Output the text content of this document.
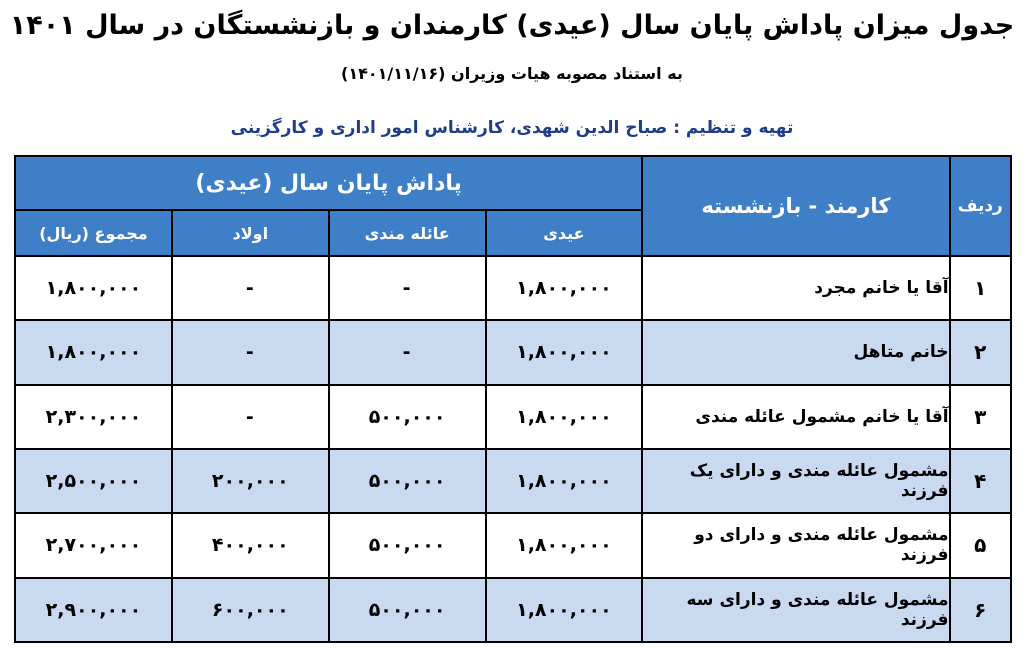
جدول میزان پاداش پایان سال (عیدی) کارمندان و بازنشستگان در سال ۱۴۰۱
به استناد مصوبه هیات وزیران (۱۴۰۱/۱۱/۱۶)
تهیه و تنظیم : صباح الدین شهدی، کارشناس امور اداری و کارگزینی
ردیف	کارمند - بازنشسته	پاداش پایان سال (عیدی)			
		عیدی	عائله مندی	اولاد	مجموع (ریال)
۱	آقا یا خانم مجرد	۱,۸۰۰,۰۰۰	-	-	۱,۸۰۰,۰۰۰
۲	خانم متاهل	۱,۸۰۰,۰۰۰	-	-	۱,۸۰۰,۰۰۰
۳	آقا یا خانم مشمول عائله مندی	۱,۸۰۰,۰۰۰	۵۰۰,۰۰۰	-	۲,۳۰۰,۰۰۰
۴	مشمول عائله مندی و دارای یک فرزند	۱,۸۰۰,۰۰۰	۵۰۰,۰۰۰	۲۰۰,۰۰۰	۲,۵۰۰,۰۰۰
۵	مشمول عائله مندی و دارای دو فرزند	۱,۸۰۰,۰۰۰	۵۰۰,۰۰۰	۴۰۰,۰۰۰	۲,۷۰۰,۰۰۰
۶	مشمول عائله مندی و دارای سه فرزند	۱,۸۰۰,۰۰۰	۵۰۰,۰۰۰	۶۰۰,۰۰۰	۲,۹۰۰,۰۰۰
